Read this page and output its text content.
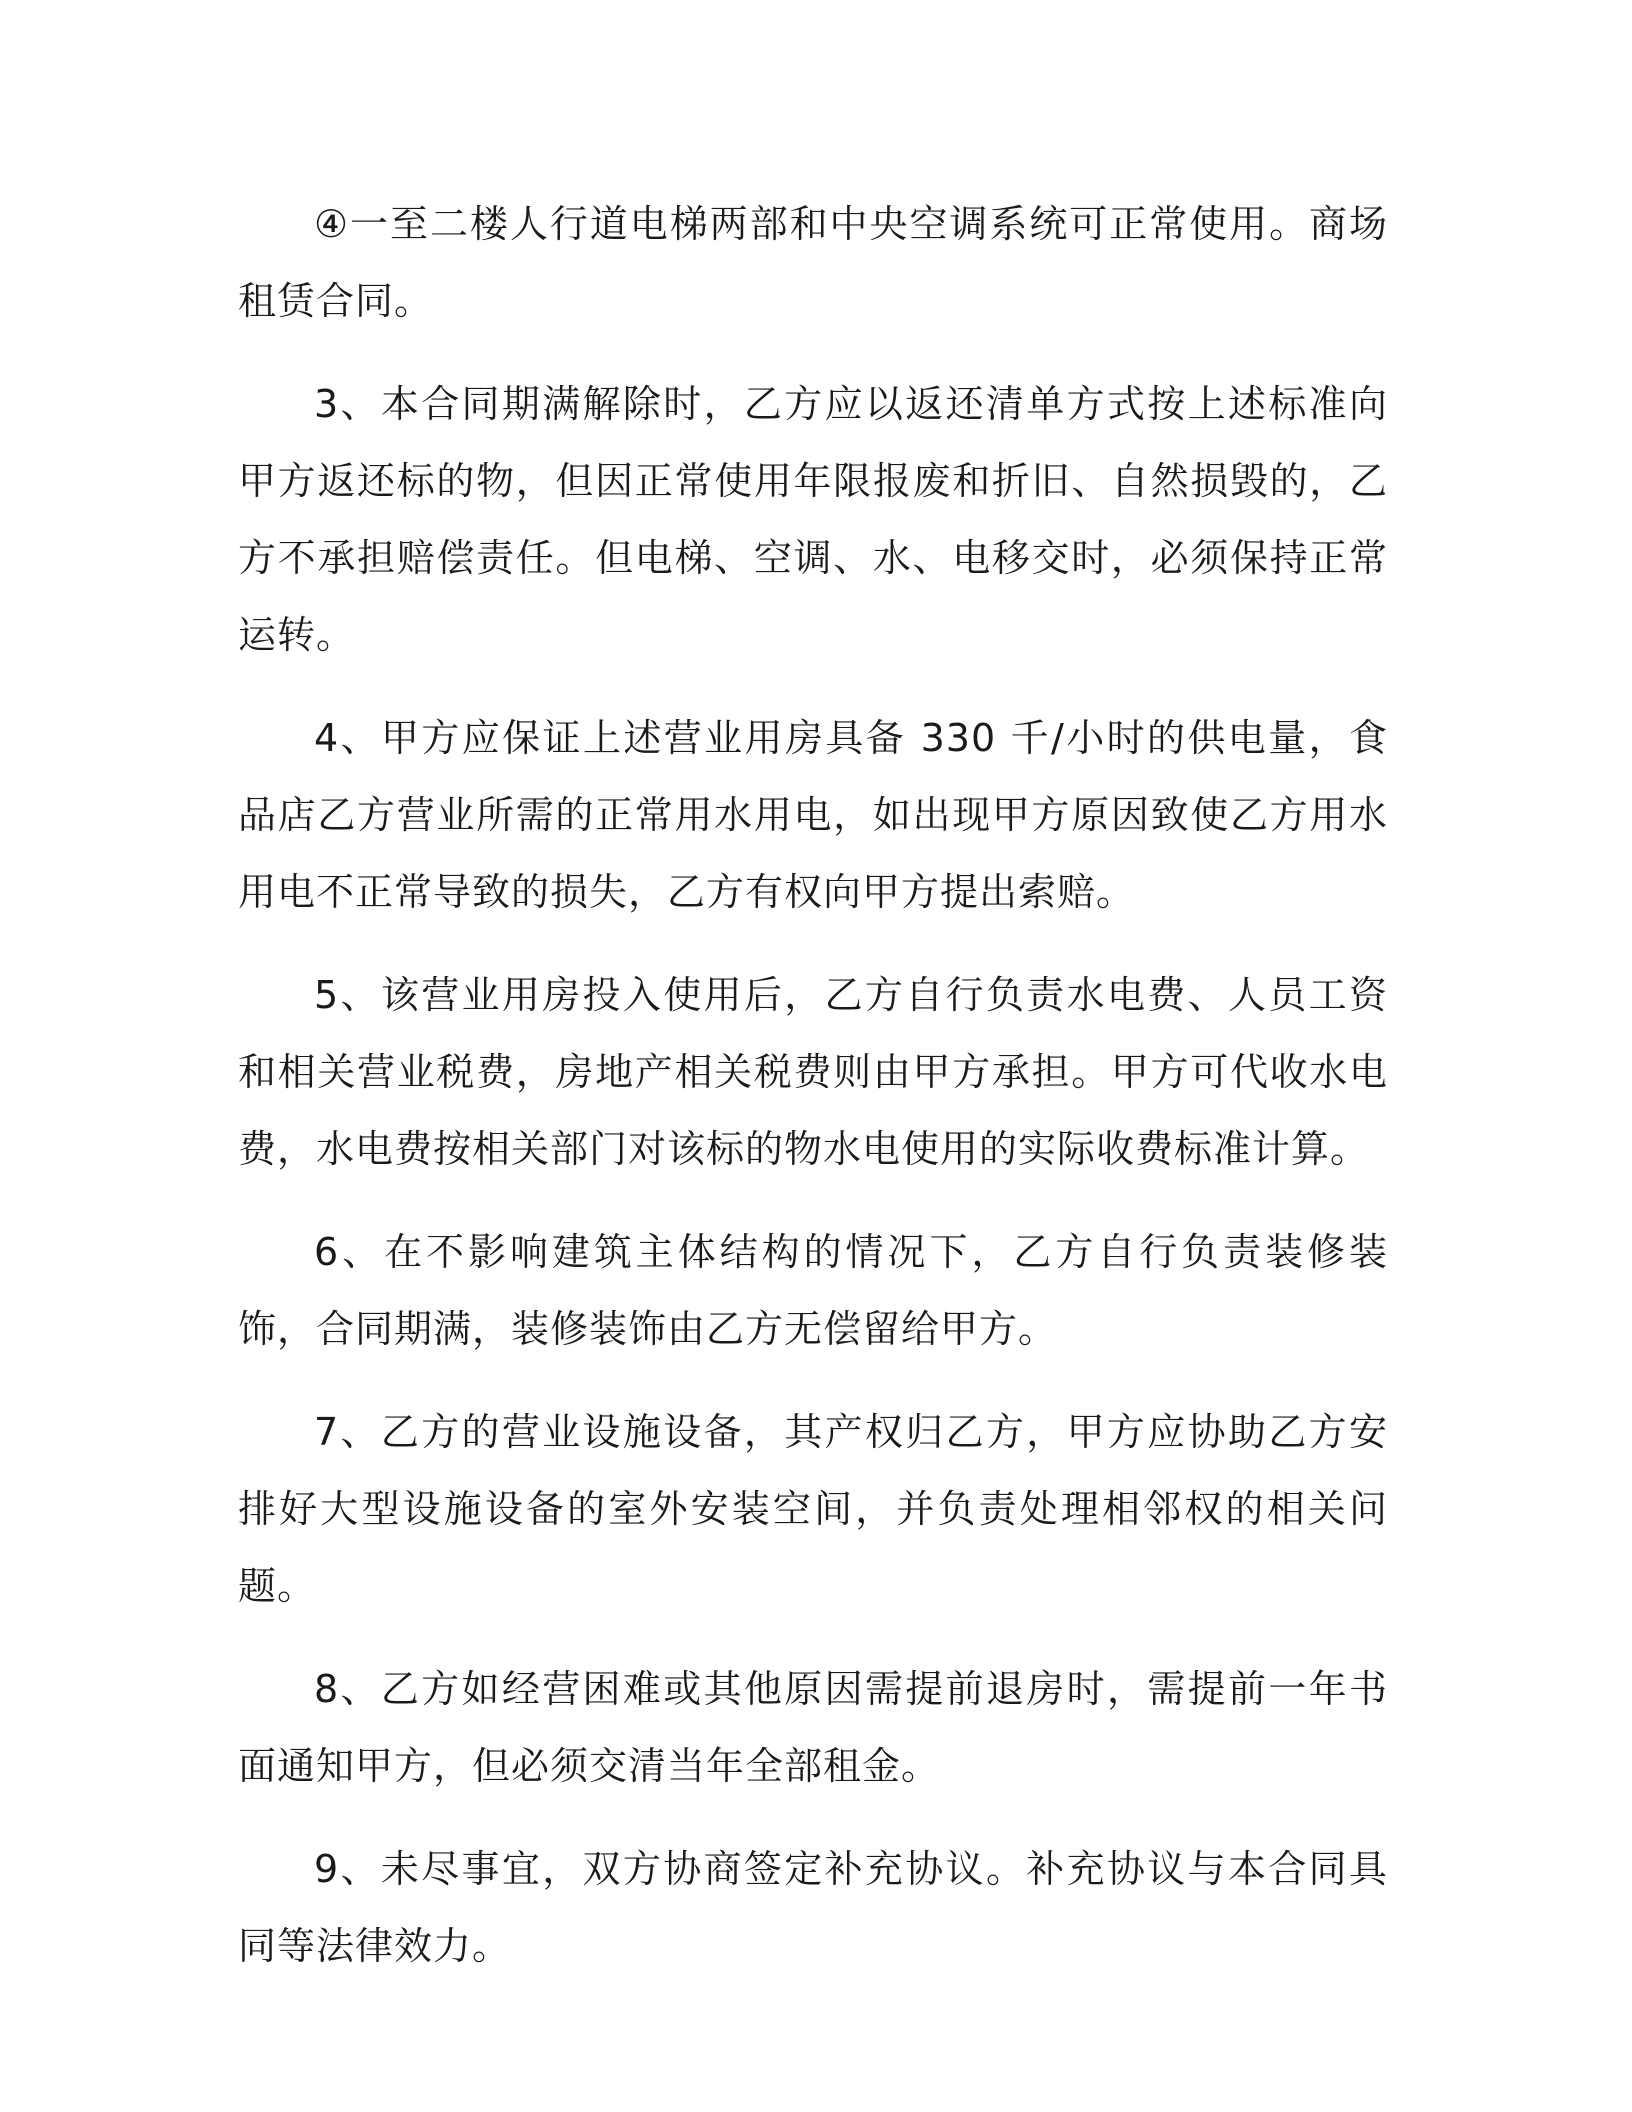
④一至二楼人行道电梯两部和中央空调系统可正常使用。商场租赁合同。

3、本合同期满解除时，乙方应以返还清单方式按上述标准向甲方返还标的物，但因正常使用年限报废和折旧、自然损毁的，乙方不承担赔偿责任。但电梯、空调、水、电移交时，必须保持正常运转。

4、甲方应保证上述营业用房具备 330 千/小时的供电量，食品店乙方营业所需的正常用水用电，如出现甲方原因致使乙方用水用电不正常导致的损失，乙方有权向甲方提出索赔。

5、该营业用房投入使用后，乙方自行负责水电费、人员工资和相关营业税费，房地产相关税费则由甲方承担。甲方可代收水电费，水电费按相关部门对该标的物水电使用的实际收费标准计算。

6、在不影响建筑主体结构的情况下，乙方自行负责装修装饰，合同期满，装修装饰由乙方无偿留给甲方。

7、乙方的营业设施设备，其产权归乙方，甲方应协助乙方安排好大型设施设备的室外安装空间，并负责处理相邻权的相关问题。

8、乙方如经营困难或其他原因需提前退房时，需提前一年书面通知甲方，但必须交清当年全部租金。

9、未尽事宜，双方协商签定补充协议。补充协议与本合同具同等法律效力。
